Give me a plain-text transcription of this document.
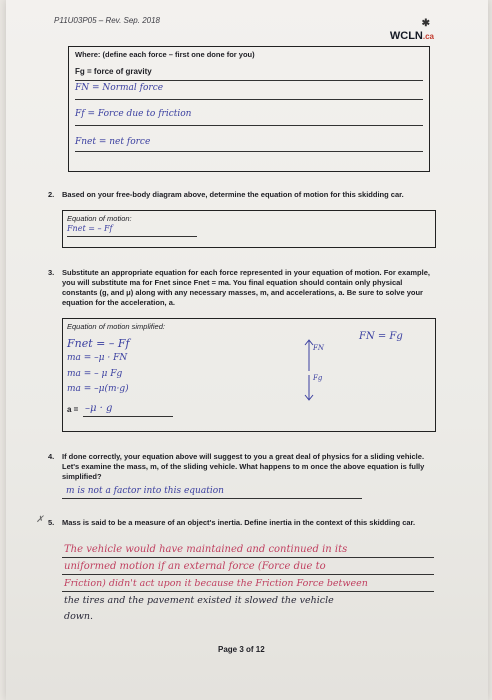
P11U03P05 – Rev. Sep. 2018	✱
WCLN.ca
Where: (define each force – first one done for you)
Fg = force of gravity
FN = Normal force
Ff = Force due to friction
Fnet = net force
2. Based on your free-body diagram above, determine the equation of motion for this skidding car.
Equation of motion:
Fnet = – Ff
3. Substitute an appropriate equation for each force represented in your equation of motion. For example, you will substitute ma for Fnet since Fnet = ma. You final equation should contain only physical constants (g, and μ) along with any necessary masses, m, and accelerations, a. Be sure to solve your equation for the acceleration, a.
Equation of motion simplified:
Fnet = – Ff
ma = –μ · FN
ma = – μ Fg
ma = –μ(m·g)
a = –μ · g
FN
Fg
FN = Fg
4. If done correctly, your equation above will suggest to you a great deal of physics for a sliding vehicle. Let's examine the mass, m, of the sliding vehicle. What happens to m once the above equation is fully simplified?
m is not a factor into this equation
✗ 5. Mass is said to be a measure of an object's inertia. Define inertia in the context of this skidding car.
The vehicle would have maintained and continued in its
uniformed motion if an external force (Force due to
Friction) didn't act upon it because the Friction Force between
the tires and the pavement existed it slowed the vehicle
down.
Page 3 of 12
